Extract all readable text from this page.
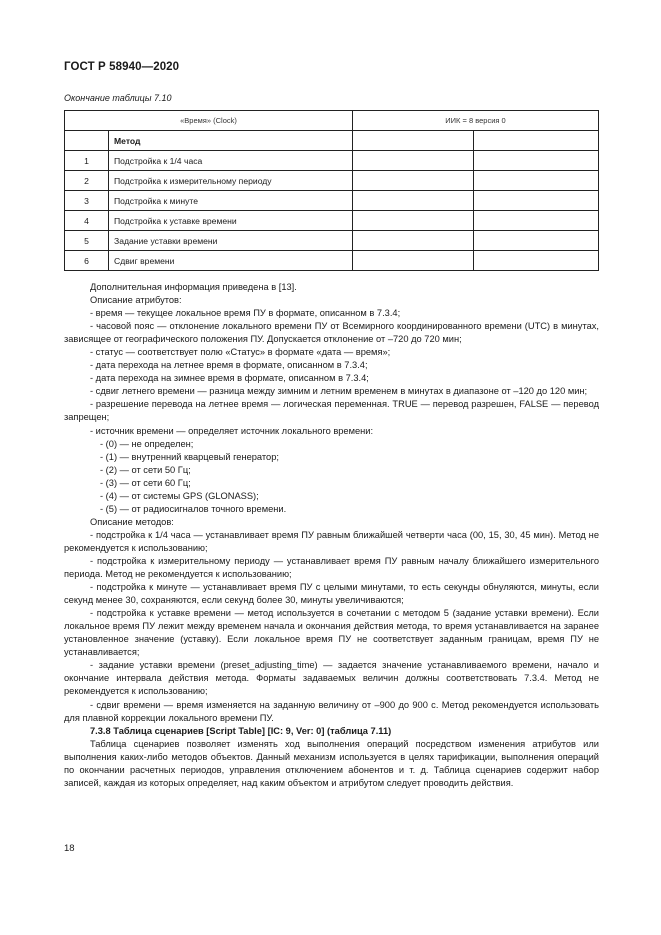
ГОСТ Р 58940—2020
Окончание таблицы 7.10
«Время» (Clock)		ИИК = 8 версия 0	
	Метод		
1	Подстройка к 1/4 часа		
2	Подстройка к измерительному периоду		
3	Подстройка к минуте		
4	Подстройка к уставке времени		
5	Задание уставки времени		
6	Сдвиг времени		

Дополнительная информация приведена в [13].

Описание атрибутов:

- время — текущее локальное время ПУ в формате, описанном в 7.3.4;

- часовой пояс — отклонение локального времени ПУ от Всемирного координированного времени (UTC) в минутах, зависящее от географического положения ПУ. Допускается отклонение от –720 до 720 мин;

- статус — соответствует полю «Статус» в формате «дата — время»;

- дата перехода на летнее время в формате, описанном в 7.3.4;

- дата перехода на зимнее время в формате, описанном в 7.3.4;

- сдвиг летнего времени — разница между зимним и летним временем в минутах в диапазоне от –120 до 120 мин;

- разрешение перевода на летнее время — логическая переменная. TRUE — перевод разрешен, FALSE — перевод запрещен;

- источник времени — определяет источник локального времени:

- (0) — не определен;

- (1) — внутренний кварцевый генератор;

- (2) — от сети 50 Гц;

- (3) — от сети 60 Гц;

- (4) — от системы GPS (GLONASS);

- (5) — от радиосигналов точного времени.

Описание методов:

- подстройка к 1/4 часа — устанавливает время ПУ равным ближайшей четверти часа (00, 15, 30, 45 мин). Метод не рекомендуется к использованию;

- подстройка к измерительному периоду — устанавливает время ПУ равным началу ближайшего измерительного периода. Метод не рекомендуется к использованию;

- подстройка к минуте — устанавливает время ПУ с целыми минутами, то есть секунды обнуляются, минуты, если секунд менее 30, сохраняются, если секунд более 30, минуты увеличиваются;

- подстройка к уставке времени — метод используется в сочетании с методом 5 (задание уставки времени). Если локальное время ПУ лежит между временем начала и окончания действия метода, то время устанавливается на заранее установленное значение (уставку). Если локальное время ПУ не соответствует заданным границам, время ПУ не устанавливается;

- задание уставки времени (preset_adjusting_time) — задается значение устанавливаемого времени, начало и окончание интервала действия метода. Форматы задаваемых величин должны соответствовать 7.3.4. Метод не рекомендуется к использованию;

- сдвиг времени — время изменяется на заданную величину от –900 до 900 с. Метод рекомендуется использовать для плавной коррекции локального времени ПУ.

7.3.8 Таблица сценариев [Script Table] [IC: 9, Ver: 0] (таблица 7.11)

Таблица сценариев позволяет изменять ход выполнения операций посредством изменения атрибутов или выполнения каких-либо методов объектов. Данный механизм используется в целях тарификации, выполнения операций по окончании расчетных периодов, управления отключением абонентов и т. д. Таблица сценариев содержит набор записей, каждая из которых определяет, над каким объектом и атрибутом следует проводить действия.

18
